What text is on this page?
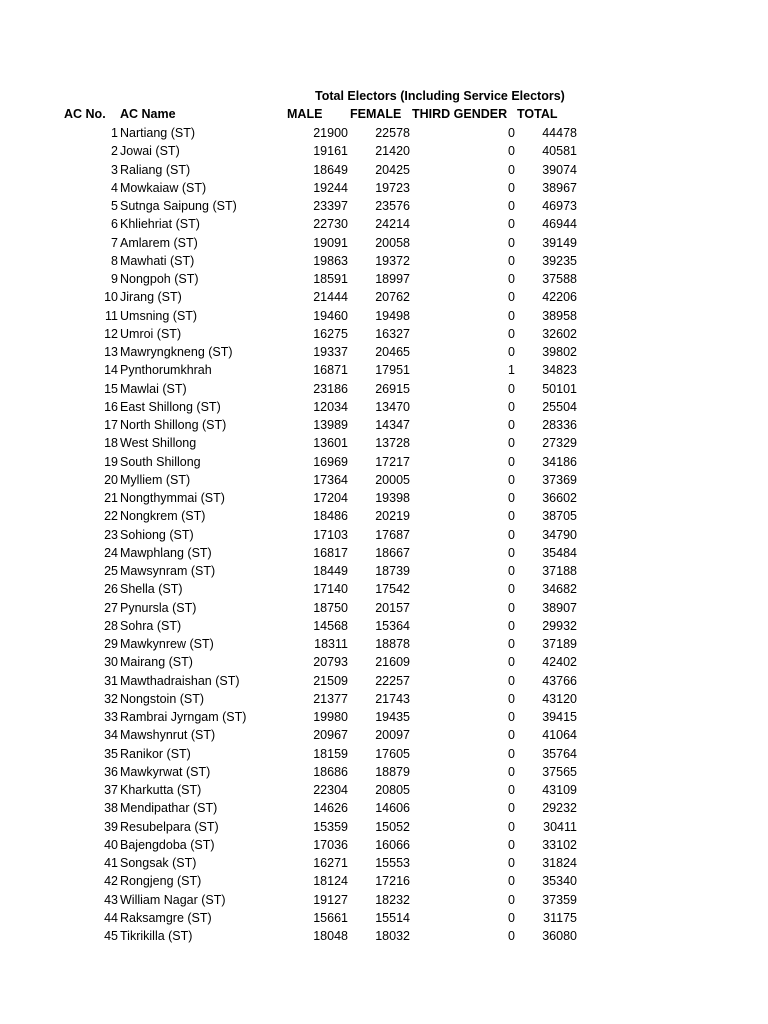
Total Electors (Including Service Electors)
AC No. AC Name	MALE FEMALE THIRD GENDER TOTAL
1 Nartiang (ST)	21900 22578	0 44478
2 Jowai (ST)	19161 21420	0 40581
3 Raliang (ST)	18649 20425	0 39074
4 Mowkaiaw (ST)	19244 19723	0 38967
5 Sutnga Saipung (ST)	23397 23576	0 46973
6 Khliehriat (ST)	22730 24214	0 46944
7 Amlarem (ST)	19091 20058	0 39149
8 Mawhati (ST)	19863 19372	0 39235
9 Nongpoh (ST)	18591 18997	0 37588
10 Jirang (ST)	21444 20762	0 42206
11 Umsning (ST)	19460 19498	0 38958
12 Umroi (ST)	16275 16327	0 32602
13 Mawryngkneng (ST)	19337 20465	0 39802
14 Pynthorumkhrah	16871 17951	1 34823
15 Mawlai (ST)	23186 26915	0 50101
16 East Shillong (ST)	12034 13470	0 25504
17 North Shillong (ST)	13989 14347	0 28336
18 West Shillong	13601 13728	0 27329
19 South Shillong	16969 17217	0 34186
20 Mylliem (ST)	17364 20005	0 37369
21 Nongthymmai (ST)	17204 19398	0 36602
22 Nongkrem (ST)	18486 20219	0 38705
23 Sohiong (ST)	17103 17687	0 34790
24 Mawphlang (ST)	16817 18667	0 35484
25 Mawsynram (ST)	18449 18739	0 37188
26 Shella (ST)	17140 17542	0 34682
27 Pynursla (ST)	18750 20157	0 38907
28 Sohra (ST)	14568 15364	0 29932
29 Mawkynrew (ST)	18311 18878	0 37189
30 Mairang (ST)	20793 21609	0 42402
31 Mawthadraishan (ST)	21509 22257	0 43766
32 Nongstoin (ST)	21377 21743	0 43120
33 Rambrai Jyrngam (ST)	19980 19435	0 39415
34 Mawshynrut (ST)	20967 20097	0 41064
35 Ranikor (ST)	18159 17605	0 35764
36 Mawkyrwat (ST)	18686 18879	0 37565
37 Kharkutta (ST)	22304 20805	0 43109
38 Mendipathar (ST)	14626 14606	0 29232
39 Resubelpara (ST)	15359 15052	0 30411
40 Bajengdoba (ST)	17036 16066	0 33102
41 Songsak (ST)	16271 15553	0 31824
42 Rongjeng (ST)	18124 17216	0 35340
43 William Nagar (ST)	19127 18232	0 37359
44 Raksamgre (ST)	15661 15514	0 31175
45 Tikrikilla (ST)	18048 18032	0 36080
